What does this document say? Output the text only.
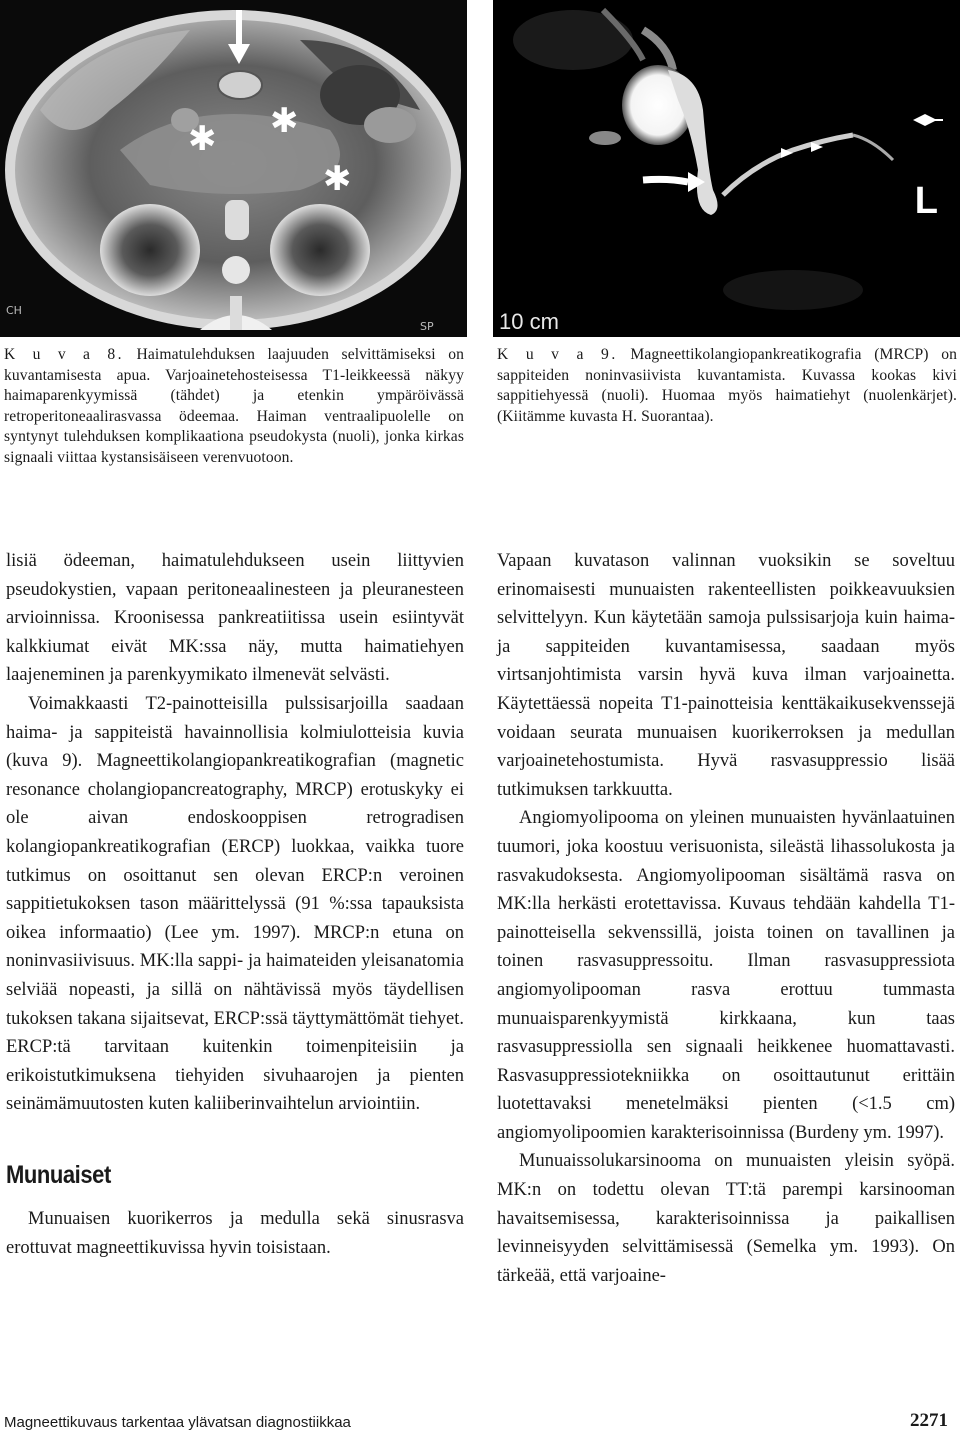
✱ ✱
✱
CH
SP	10 cm
L
K u v a 8. Haimatulehduksen laajuuden selvittämiseksi on kuvantamisesta apua. Varjoainetehosteisessa T1-leikkeessä näkyy haimaparenkyymissä (tähdet) ja etenkin ympäröivässä retroperitoneaalirasvassa ödeemaa. Haiman ventraalipuolelle on syntynyt tulehduksen komplikaationa pseudokysta (nuoli), jonka kirkas signaali viittaa kystansisäiseen verenvuotoon.
K u v a 9. Magneettikolangiopankreatikografia (MRCP) on sappiteiden noninvasiivista kuvantamista. Kuvassa kookas kivi sappitiehyessä (nuoli). Huomaa myös haimatiehyt (nuolenkärjet). (Kiitämme kuvasta H. Suorantaa).

lisiä ödeeman, haimatulehdukseen usein liittyvien pseudokystien, vapaan peritoneaalinesteen ja pleuranesteen arvioinnissa. Kroonisessa pankreatiitissa usein esiintyvät kalkkiumat eivät MK:ssa näy, mutta haimatiehyen laajeneminen ja parenkyymikato ilmenevät selvästi.

Voimakkaasti T2-painotteisilla pulssisarjoilla saadaan haima- ja sappiteistä havainnollisia kolmiulotteisia kuvia (kuva 9). Magneettikolangiopankreatikografian (magnetic resonance cholangiopancreatography, MRCP) erotuskyky ei ole aivan endoskooppisen retrogradisen kolangiopankreatikografian (ERCP) luokkaa, vaikka tuore tutkimus on osoittanut sen olevan ERCP:n veroinen sappitietukoksen tason määrittelyssä (91 %:ssa tapauksista oikea informaatio) (Lee ym. 1997). MRCP:n etuna on noninvasiivisuus. MK:lla sappi- ja haimateiden yleisanatomia selviää nopeasti, ja sillä on nähtävissä myös täydellisen tukoksen takana sijaitsevat, ERCP:ssä täyttymättömät tiehyet. ERCP:tä tarvitaan kuitenkin toimenpiteisiin ja erikoistutkimuksena tiehyiden sivuhaarojen ja pienten seinämämuutosten kuten kaliiberinvaihtelun arviointiin.

Munuaiset

Munuaisen kuorikerros ja medulla sekä sinusrasva erottuvat magneettikuvissa hyvin toisistaan.

Vapaan kuvatason valinnan vuoksikin se soveltuu erinomaisesti munuaisten rakenteellisten poikkeavuuksien selvittelyyn. Kun käytetään samoja pulssisarjoja kuin haima- ja sappiteiden kuvantamisessa, saadaan myös virtsanjohtimista varsin hyvä kuva ilman varjoainetta. Käytettäessä nopeita T1-painotteisia kenttäkaikusekvenssejä voidaan seurata munuaisen kuorikerroksen ja medullan varjoainetehostumista. Hyvä rasvasuppressio lisää tutkimuksen tarkkuutta.

Angiomyolipooma on yleinen munuaisten hyvänlaatuinen tuumori, joka koostuu verisuonista, sileästä lihassolukosta ja rasvakudoksesta. Angiomyolipooman sisältämä rasva on MK:lla herkästi erotettavissa. Kuvaus tehdään kahdella T1-painotteisella sekvenssillä, joista toinen on tavallinen ja toinen rasvasuppressoitu. Ilman rasvasuppressiota angiomyolipooman rasva erottuu tummasta munuaisparenkyymistä kirkkaana, kun taas rasvasuppressiolla sen signaali heikkenee huomattavasti. Rasvasuppressiotekniikka on osoittautunut erittäin luotettavaksi menetelmäksi pienten (<1.5 cm) angiomyolipoomien karakterisoinnissa (Burdeny ym. 1997).

Munuaissolukarsinooma on munuaisten yleisin syöpä. MK:n on todettu olevan TT:tä parempi karsinooman havaitsemisessa, karakterisoinnissa ja paikallisen levinneisyyden selvittämisessä (Semelka ym. 1993). On tärkeää, että varjoaine-

Magneettikuvaus tarkentaa ylävatsan diagnostiikkaa	2271
